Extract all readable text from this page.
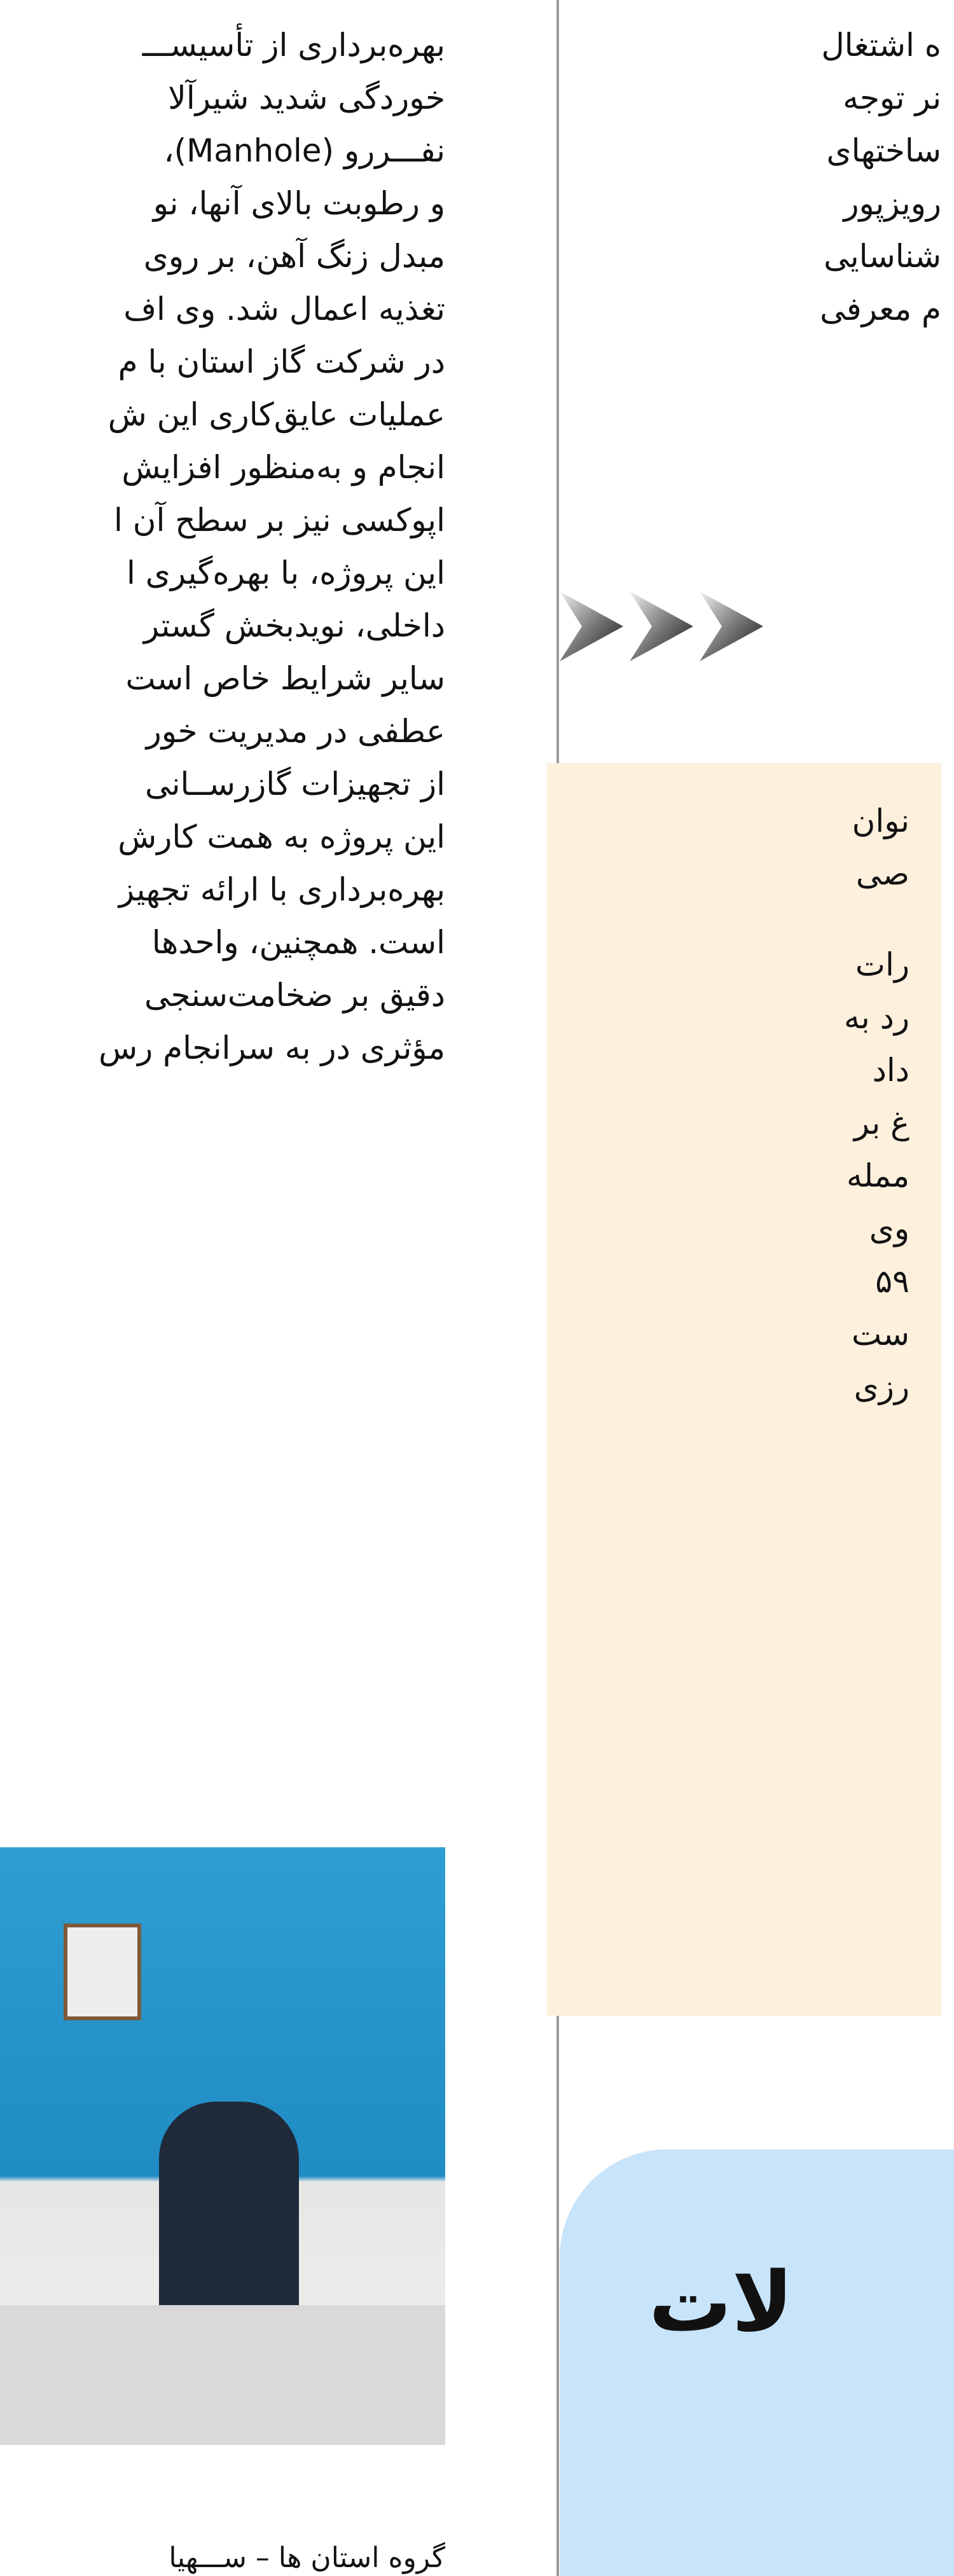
بهره‌برداری از تأسیســـ

خوردگی شدید شیرآلا

نفـــررو (Manhole)،

و رطوبت بالای آنها، نو

مبدل زنگ آهن، بر روی

تغذیه اعمال شد. وی اف

در شرکت گاز استان با م

عملیات عایق‌کاری این ش

انجام و به‌منظور افزایش

اپوکسی نیز بر سطح آن ا

این پروژه، با بهره‌گیری ا

داخلی، نویدبخش گستر

سایر شرایط خاص است

عطفی در مدیریت خور

از تجهیزات گازرســانی

این پروژه به همت کارش

بهره‌برداری با ارائه تجهیز

است. همچنین، واحدها

دقیق بر ضخامت‌سنجی

مؤثری در به سرانجام رس

گروه استان ها – ســـهیا

ه اشتغال

نر توجه

ساختهای

رویزپور

شناسایی

م معرفی

نوان

صی

رات

رد به

داد

غ بر

ممله

وی

۵۹

ست

رزی

لات
